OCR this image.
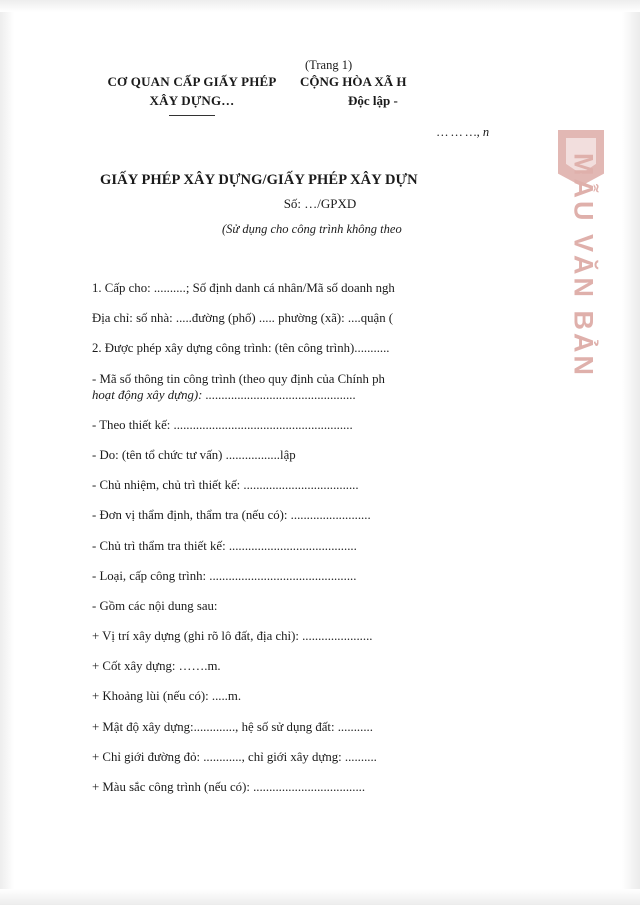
(Trang 1)
CƠ QUAN CẤP GIẤY PHÉP
XÂY DỰNG…
CỘNG HÒA XÃ H
Độc lập -
… … …, n
GIẤY PHÉP XÂY DỰNG/GIẤY PHÉP XÂY DỰN
Số: …/GPXD
(Sử dụng cho công trình không theo

1. Cấp cho: ..........; Số định danh cá nhân/Mã số doanh ngh

Địa chỉ: số nhà: .....đường (phố) ..... phường (xã): ....quận (

2. Được phép xây dựng công trình: (tên công trình)...........

- Mã số thông tin công trình (theo quy định của Chính ph

hoạt động xây dựng): ...............................................

- Theo thiết kế: ........................................................

- Do: (tên tổ chức tư vấn) .................lập

- Chủ nhiệm, chủ trì thiết kế: ....................................

- Đơn vị thẩm định, thẩm tra (nếu có): .........................

- Chủ trì thẩm tra thiết kế: ........................................

- Loại, cấp công trình: ..............................................

- Gồm các nội dung sau:

+ Vị trí xây dựng (ghi rõ lô đất, địa chỉ): ......................

+ Cốt xây dựng: …….m.

+ Khoảng lùi (nếu có): .....m.

+ Mật độ xây dựng:............., hệ số sử dụng đất: ...........

+ Chỉ giới đường đỏ: ............, chỉ giới xây dựng: ..........

+ Màu sắc công trình (nếu có): ...................................

MẪU VĂN BẢN
